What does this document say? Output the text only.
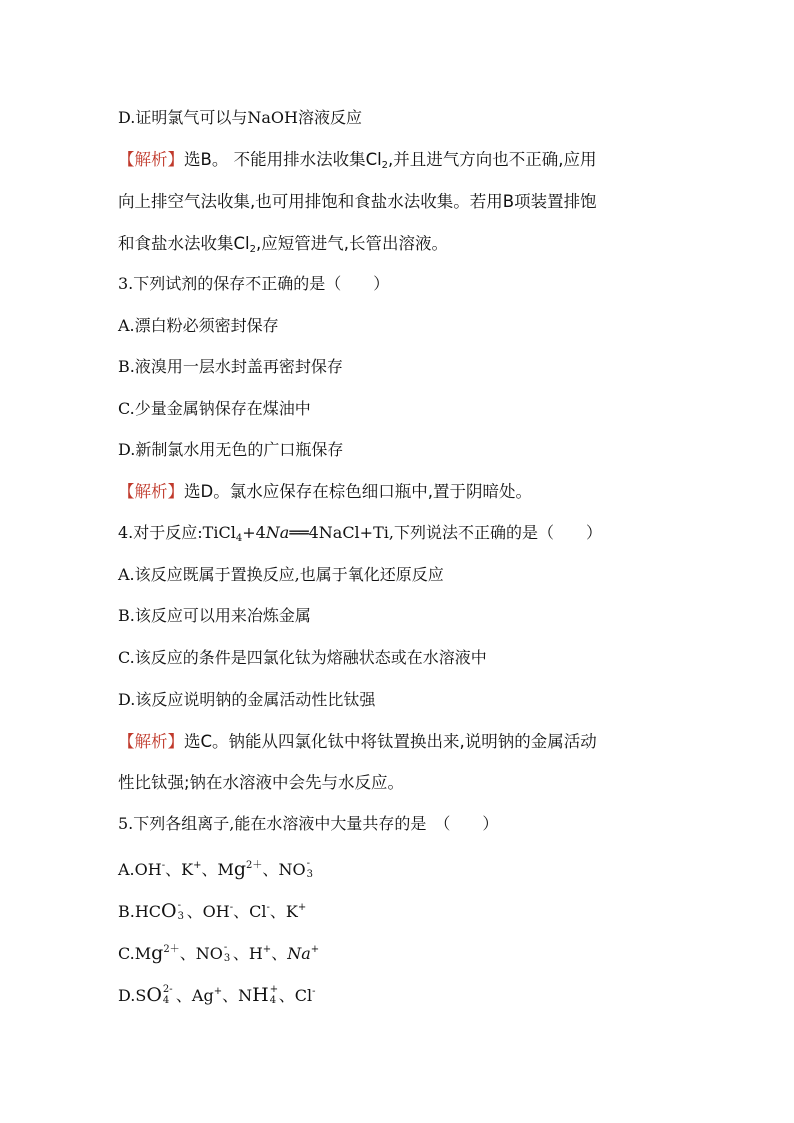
D.证明氯气可以与NaOH溶液反应
【解析】选B。 不能用排水法收集$Cl_2$,并且进气方向也不正确,应用
向上排空气法收集,也可用排饱和食盐水法收集。若用B项装置排饱
和食盐水法收集$Cl_2$,应短管进气,长管出溶液。
3.下列试剂的保存不正确的是（　　）
A.漂白粉必须密封保存
B.液溴用一层水封盖再密封保存
C.少量金属钠保存在煤油中
D.新制氯水用无色的广口瓶保存
【解析】选D。氯水应保存在棕色细口瓶中,置于阴暗处。
4.对于反应:TiCl$_4$+4Na══4NaCl+Ti,下列说法不正确的是（　　）
A.该反应既属于置换反应,也属于氧化还原反应
B.该反应可以用来冶炼金属
C.该反应的条件是四氯化钛为熔融状态或在水溶液中
D.该反应说明钠的金属活动性比钛强
【解析】选C。钠能从四氯化钛中将钛置换出来,说明钠的金属活动
性比钛强;钠在水溶液中会先与水反应。
5.下列各组离子,能在水溶液中大量共存的是　（　　）
A.OH-、K+、$Mg^{2+}$、NO -
3
B.HCO -
3 、OH-、Cl-、K+
$C.Mg^{2+}$、NO -
3 、H+、Na+
D.SO 2-
4 、Ag+、NH +
4 、Cl-
